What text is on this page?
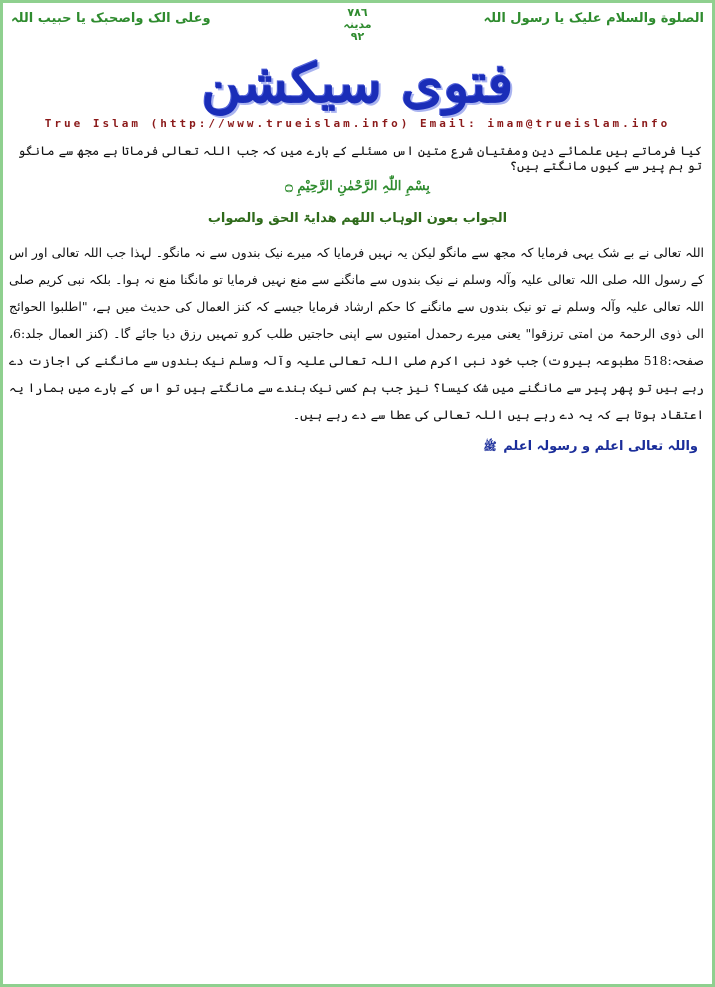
الصلوة والسلام علیک یا رسول اللہ
٧٨٦
مدینہ
٩٢
وعلی الک واصحبک یا حبیب اللہ
فتوی سیکشن
True Islam (http://www.trueislam.info) Email: imam@trueislam.info
کیا فرماتے ہیں علمائے دین ومفتیان شرع متین اس مسئلے کے بارے میں کہ جب اللہ تعالی فرماتا ہے مجھ سے مانگو تو ہم پیر سے کیوں مانگتے ہیں؟
بِسْمِ اللّٰہِ الرَّحْمٰنِ الرَّحِیْمِ ۝
الجواب بعون الوہاب اللھم ھدایۃ الحق والصواب
اللہ تعالی نے بے شک یہی فرمایا کہ مجھ سے مانگو لیکن یہ نہیں فرمایا کہ میرے نیک بندوں سے نہ مانگو۔ لہذا جب اللہ تعالی اور اس کے رسول اللہ صلی اللہ تعالی علیہ وآلہ وسلم نے نیک بندوں سے مانگنے سے منع نہیں فرمایا تو مانگنا منع نہ ہوا۔ بلکہ نبی کریم صلی اللہ تعالی علیہ وآلہ وسلم نے تو نیک بندوں سے مانگنے کا حکم ارشاد فرمایا جیسے کہ کنز العمال کی حدیث میں ہے، "اطلبوا الحوائج الی ذوی الرحمۃ من امتی ترزقوا" یعنی میرے رحمدل امتیوں سے اپنی حاجتیں طلب کرو تمہیں رزق دیا جائے گا۔ (کنز العمال جلد:6، صفحہ:518 مطبوعہ بیروت) جب خود نبی اکرم صلی اللہ تعالی علیہ وآلہ وسلم نیک بندوں سے مانگنے کی اجازت دے رہے ہیں تو پھر پیر سے مانگنے میں شک کیسا؟ نیز جب ہم کسی نیک بندے سے مانگتے ہیں تو اس کے بارے میں ہمارا یہ اعتقاد ہوتا ہے کہ یہ دے رہے ہیں اللہ تعالی کی عطا سے دے رہے ہیں۔
واللہ تعالی اعلم و رسولہ اعلم ﷺ
